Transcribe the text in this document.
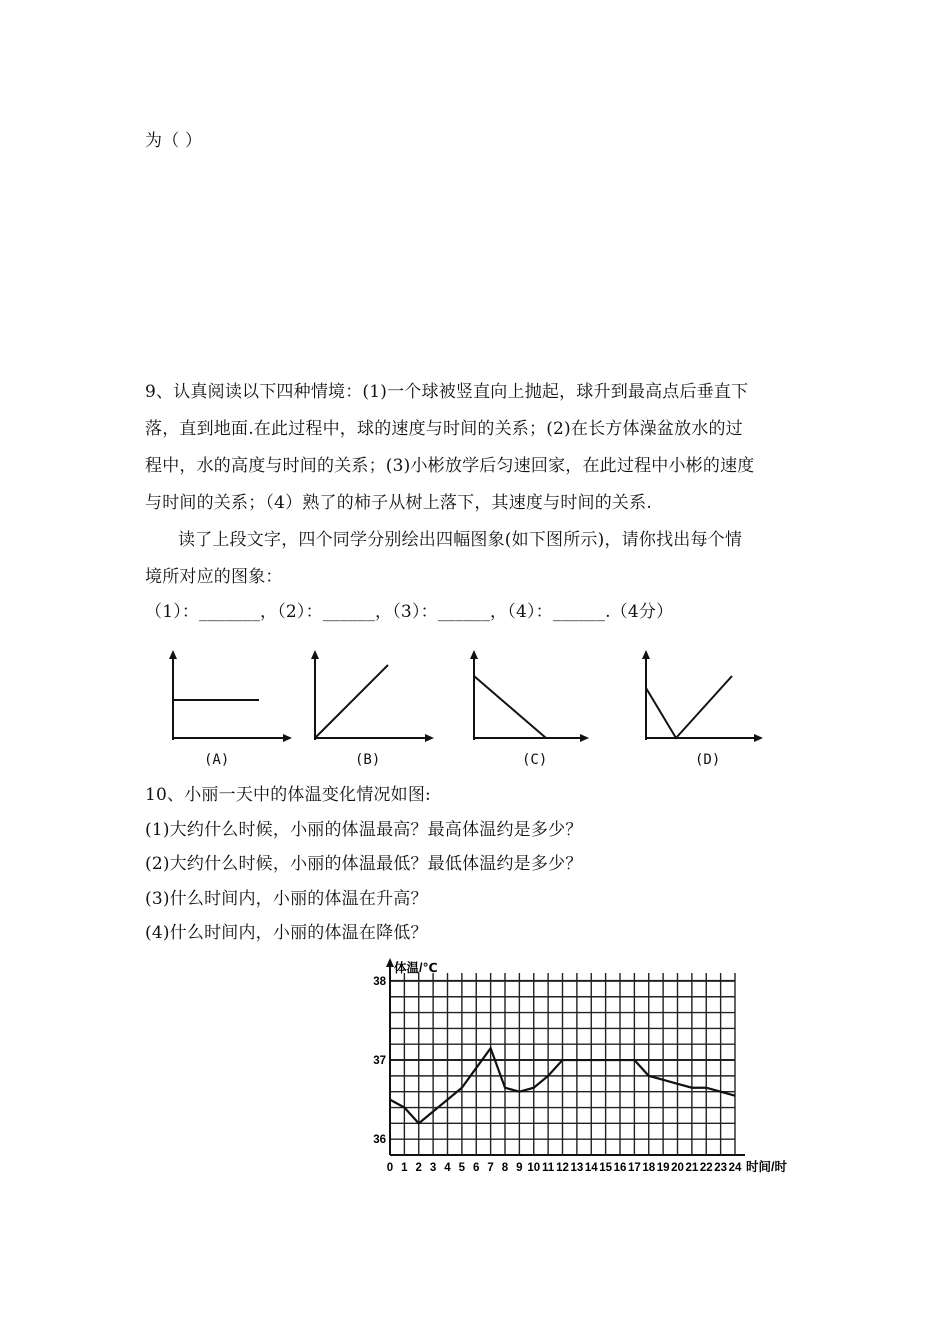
为（ ）
9、认真阅读以下四种情境：(1)一个球被竖直向上抛起，球升到最高点后垂直下
落，直到地面.在此过程中，球的速度与时间的关系；(2)在长方体澡盆放水的过
程中，水的高度与时间的关系；(3)小彬放学后匀速回家，在此过程中小彬的速度
与时间的关系；（4）熟了的柿子从树上落下，其速度与时间的关系.
读了上段文字，四个同学分别绘出四幅图象(如下图所示)，请你找出每个情
境所对应的图象：
（1）：_______，（2）：______，（3）：______，（4）：______.（4分）
(A)	(B)	(C)	(D)
10、小丽一天中的体温变化情况如图:
(1)大约什么时候，小丽的体温最高？最高体温约是多少？
(2)大约什么时候，小丽的体温最低？最低体温约是多少？
(3)什么时间内，小丽的体温在升高？
(4)什么时间内，小丽的体温在降低？
0 1 2 3 4 5 6 7 8 9 10 11 12 13 14 15 16 17 18 19 20 21 22 23 24
36
37
38
体温/℃
时间/时
